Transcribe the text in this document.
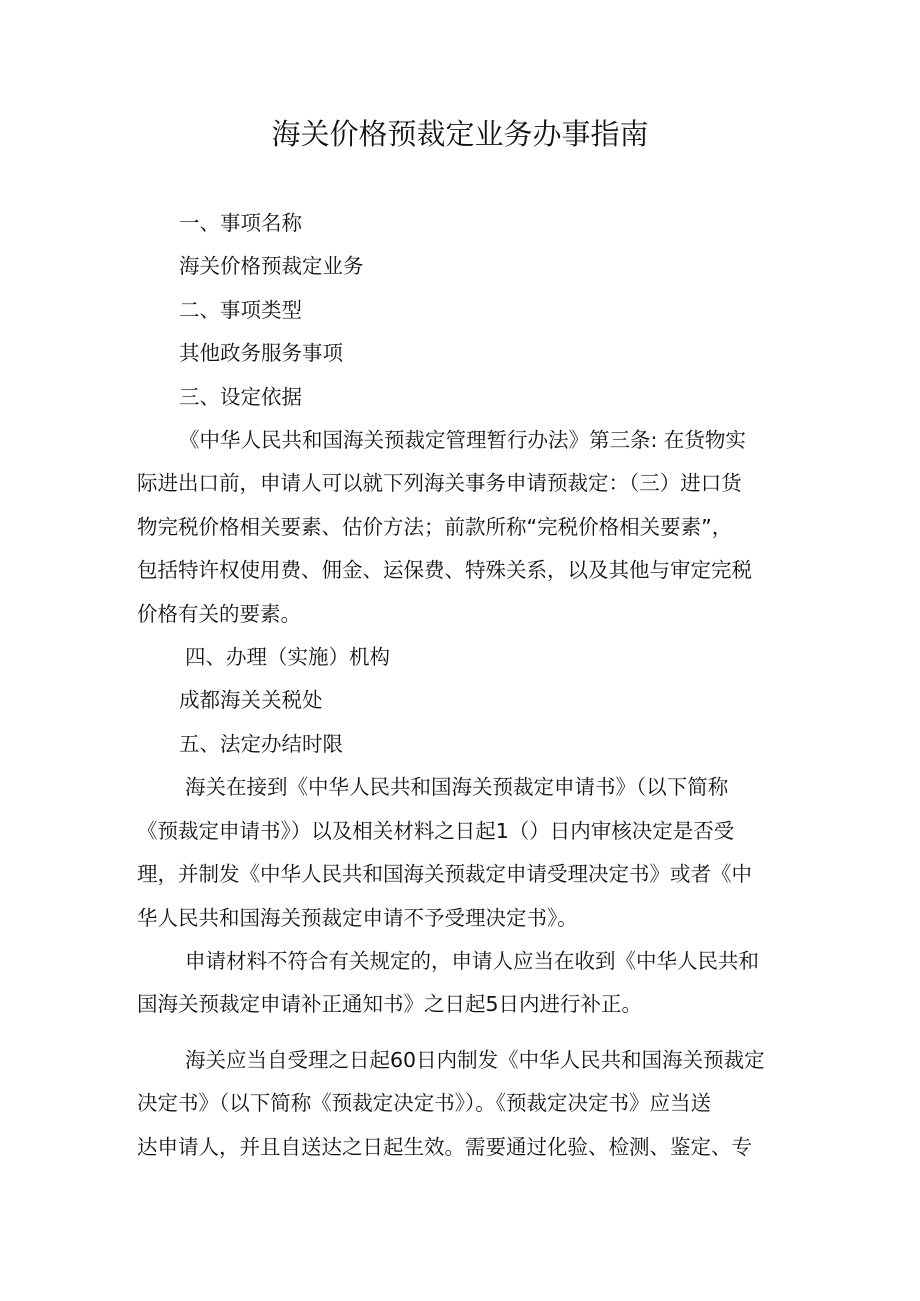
海关价格预裁定业务办事指南

一、事项名称

海关价格预裁定业务

二、事项类型

其他政务服务事项

三、设定依据

《中华人民共和国海关预裁定管理暂行办法》第三条: 在货物实
际进出口前，申请人可以就下列海关事务申请预裁定：（三）进口货
物完税价格相关要素、估价方法；前款所称“完税价格相关要素”，
包括特许权使用费、佣金、运保费、特殊关系，以及其他与审定完税
价格有关的要素。

四、办理（实施）机构

成都海关关税处

五、法定办结时限

海关在接到《中华人民共和国海关预裁定申请书》（以下简称
《预裁定申请书》）以及相关材料之日起1（）日内审核决定是否受
理，并制发《中华人民共和国海关预裁定申请受理决定书》或者《中
华人民共和国海关预裁定申请不予受理决定书》。
申请材料不符合有关规定的，申请人应当在收到《中华人民共和
国海关预裁定申请补正通知书》之日起5日内进行补正。
海关应当自受理之日起60日内制发《中华人民共和国海关预裁定
决定书》（以下简称《预裁定决定书》）。《预裁定决定书》应当送
达申请人，并且自送达之日起生效。需要通过化验、检测、鉴定、专
